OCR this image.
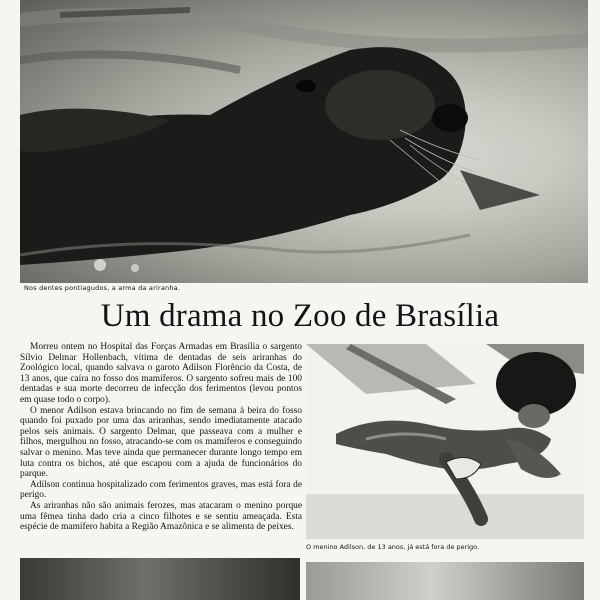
Nos dentes pontiagudos, a arma da ariranha.
Um drama no Zoo de Brasília

Morreu ontem no Hospital das Forças Armadas em Brasília o sargento Sílvio Delmar Hollenbach, vítima de dentadas de seis ariranhas do Zoológico local, quando salvava o garoto Adilson Florêncio da Costa, de 13 anos, que caíra no fosso dos mamíferos. O sargento sofreu mais de 100 dentadas e sua morte decorreu de infecção dos ferimentos (levou pontos em quase todo o corpo).

O menor Adilson estava brincando no fim de semana à beira do fosso quando foi puxado por uma das ariranhas, sendo imediatamente atacado pelos seis animais. O sargento Delmar, que passeava com a mulher e filhos, mergulhou no fosso, atracando-se com os mamíferos e conseguindo salvar o menino. Mas teve ainda que permanecer durante longo tempo em luta contra os bichos, até que escapou com a ajuda de funcionários do parque.

Adilson continua hospitalizado com ferimentos graves, mas está fora de perigo.

As ariranhas não são animais ferozes, mas atacaram o menino porque uma fêmea tinha dado cria a cinco filhotes e se sentiu ameaçada. Esta espécie de mamífero habita a Região Amazônica e se alimenta de peixes.

O menino Adilson, de 13 anos, já está fora de perigo.
